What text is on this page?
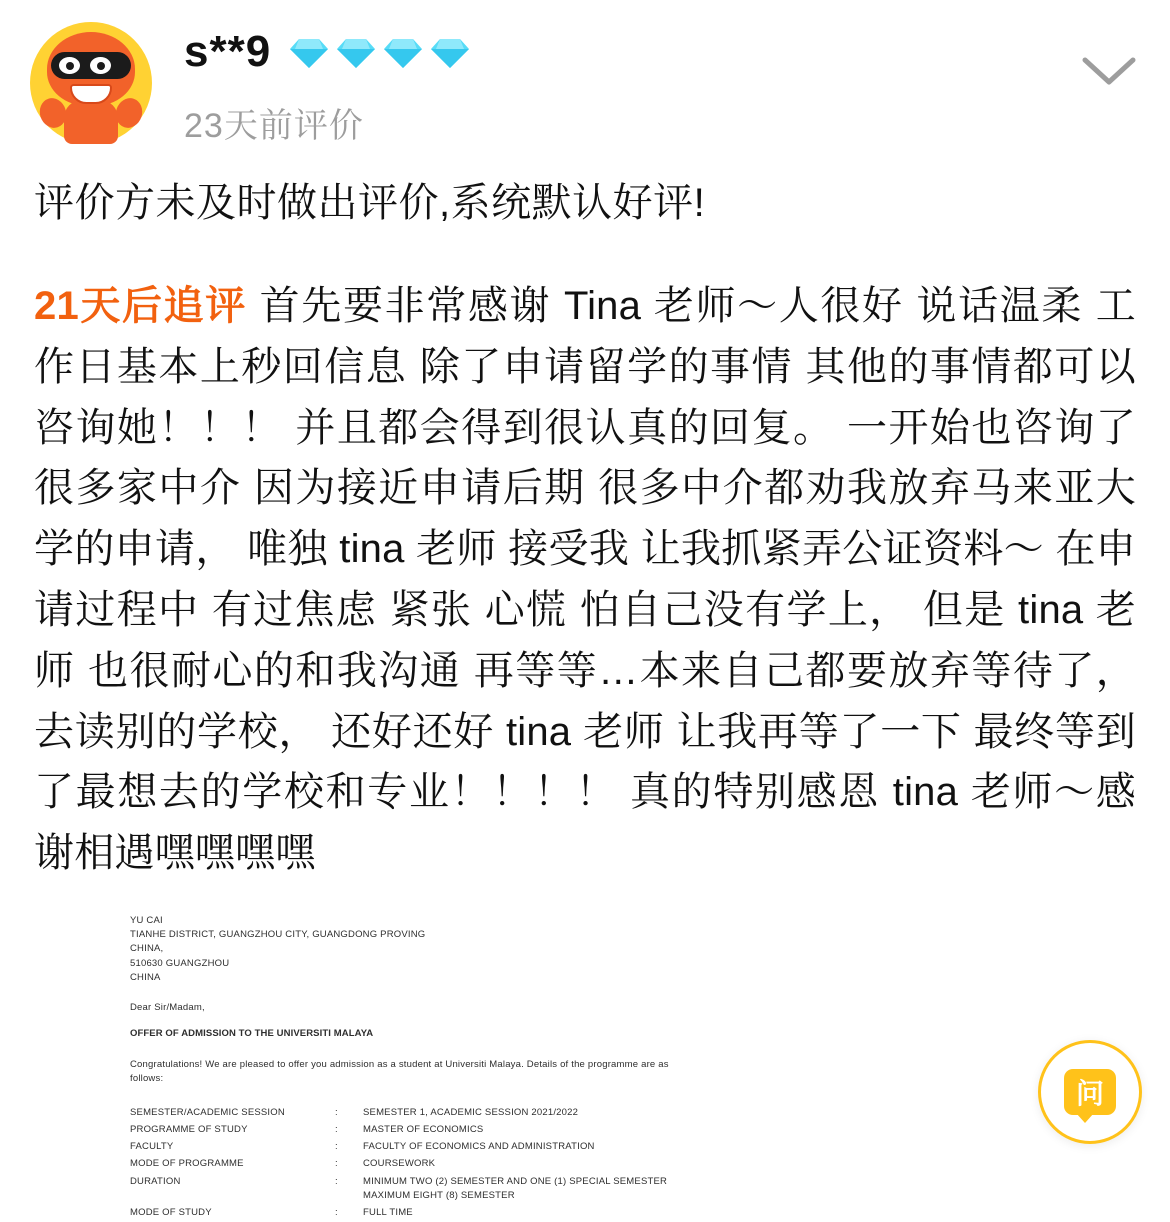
s**9
23天前评价
评价方未及时做出评价,系统默认好评!
21天后追评 首先要非常感谢 Tina 老师～人很好 说话温柔 工作日基本上秒回信息 除了申请留学的事情 其他的事情都可以咨询她！！！ 并且都会得到很认真的回复。 一开始也咨询了很多家中介 因为接近申请后期 很多中介都劝我放弃马来亚大学的申请， 唯独 tina 老师 接受我 让我抓紧弄公证资料～ 在申请过程中 有过焦虑 紧张 心慌 怕自己没有学上， 但是 tina 老师 也很耐心的和我沟通 再等等…本来自己都要放弃等待了， 去读别的学校， 还好还好 tina 老师 让我再等了一下 最终等到了最想去的学校和专业！！！！ 真的特别感恩 tina 老师～感谢相遇嘿嘿嘿嘿
YU CAI
TIANHE DISTRICT, GUANGZHOU CITY, GUANGDONG PROVING
CHINA,
510630 GUANGZHOU
CHINA
Dear Sir/Madam,
OFFER OF ADMISSION TO THE UNIVERSITI MALAYA
Congratulations! We are pleased to offer you admission as a student at Universiti Malaya. Details of the programme are as follows:
SEMESTER/ACADEMIC SESSION	:	SEMESTER 1, ACADEMIC SESSION 2021/2022
PROGRAMME OF STUDY	:	MASTER OF ECONOMICS
FACULTY	:	FACULTY OF ECONOMICS AND ADMINISTRATION
MODE OF PROGRAMME	:	COURSEWORK
DURATION	:	MINIMUM TWO (2) SEMESTER AND ONE (1) SPECIAL SEMESTER
MAXIMUM EIGHT (8) SEMESTER
MODE OF STUDY	:	FULL TIME
问
